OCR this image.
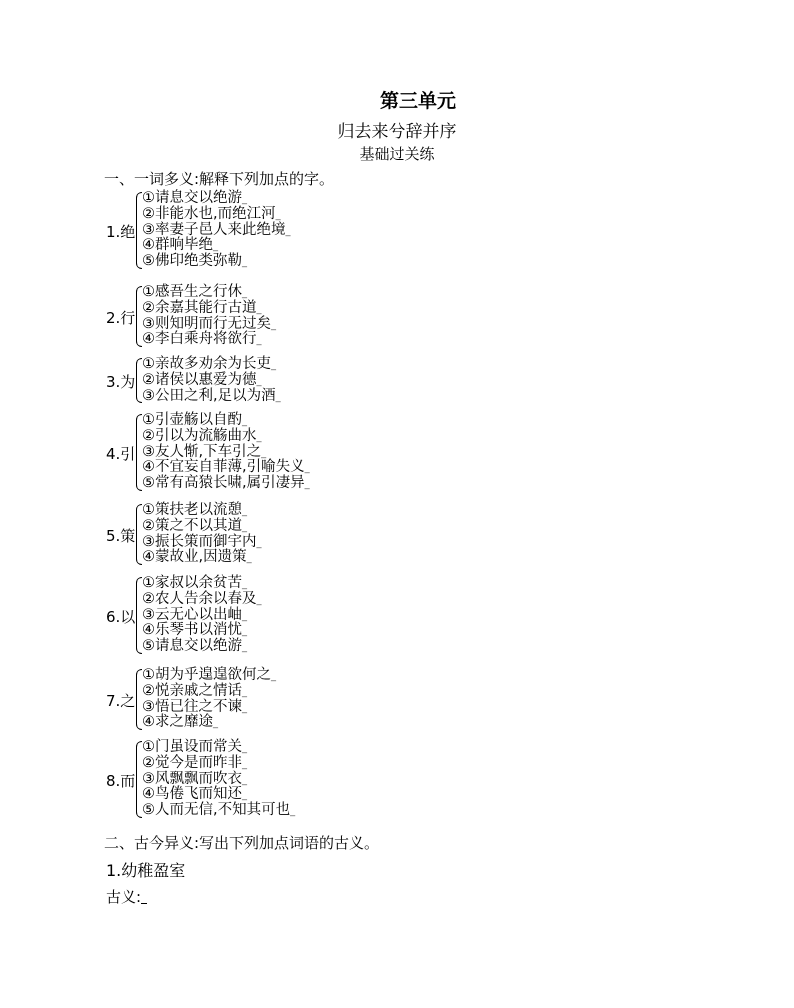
第三单元
归去来兮辞并序
基础过关练
一、一词多义:解释下列加点的字。
1.绝
①请息交以绝游_
②非能水也,而绝江河_
③率妻子邑人来此绝境_
④群响毕绝_
⑤佛印绝类弥勒_
2.行
①感吾生之行休_
②余嘉其能行古道_
③则知明而行无过矣_
④李白乘舟将欲行_
3.为
①亲故多劝余为长吏_
②诸侯以惠爱为德_
③公田之利,足以为酒_
4.引
①引壶觞以自酌_
②引以为流觞曲水_
③友人惭,下车引之_
④不宜妄自菲薄,引喻失义_
⑤常有高猿长啸,属引凄异_
5.策
①策扶老以流憩_
②策之不以其道_
③振长策而御宇内_
④蒙故业,因遗策_
6.以
①家叔以余贫苦_
②农人告余以春及_
③云无心以出岫_
④乐琴书以消忧_
⑤请息交以绝游_
7.之
①胡为乎遑遑欲何之_
②悦亲戚之情话_
③悟已往之不谏_
④求之靡途_
8.而
①门虽设而常关_
②觉今是而昨非_
③风飘飘而吹衣_
④鸟倦飞而知还_
⑤人而无信,不知其可也_
二、古今异义:写出下列加点词语的古义。
1.幼稚盈室
古义:
